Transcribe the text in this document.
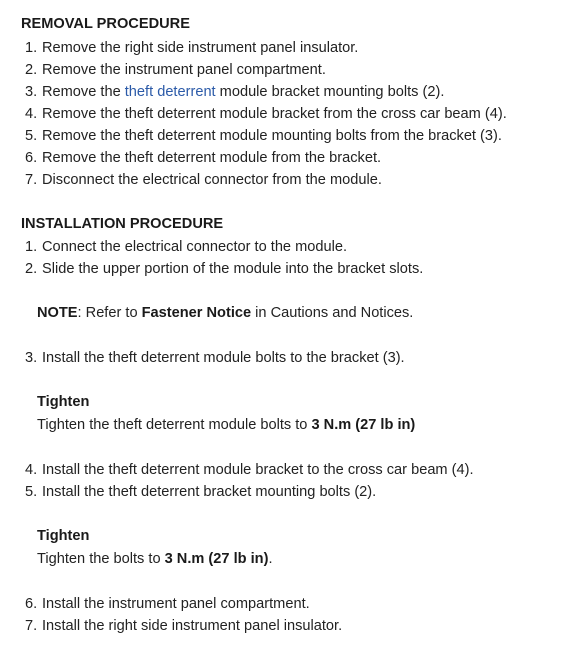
REMOVAL PROCEDURE
1. Remove the right side instrument panel insulator.
2. Remove the instrument panel compartment.
3. Remove the theft deterrent module bracket mounting bolts (2).
4. Remove the theft deterrent module bracket from the cross car beam (4).
5. Remove the theft deterrent module mounting bolts from the bracket (3).
6. Remove the theft deterrent module from the bracket.
7. Disconnect the electrical connector from the module.
INSTALLATION PROCEDURE
1. Connect the electrical connector to the module.
2. Slide the upper portion of the module into the bracket slots.
NOTE: Refer to Fastener Notice in Cautions and Notices.
3. Install the theft deterrent module bolts to the bracket (3).
Tighten
Tighten the theft deterrent module bolts to 3 N.m (27 lb in)
4. Install the theft deterrent module bracket to the cross car beam (4).
5. Install the theft deterrent bracket mounting bolts (2).
Tighten
Tighten the bolts to 3 N.m (27 lb in).
6. Install the instrument panel compartment.
7. Install the right side instrument panel insulator.
